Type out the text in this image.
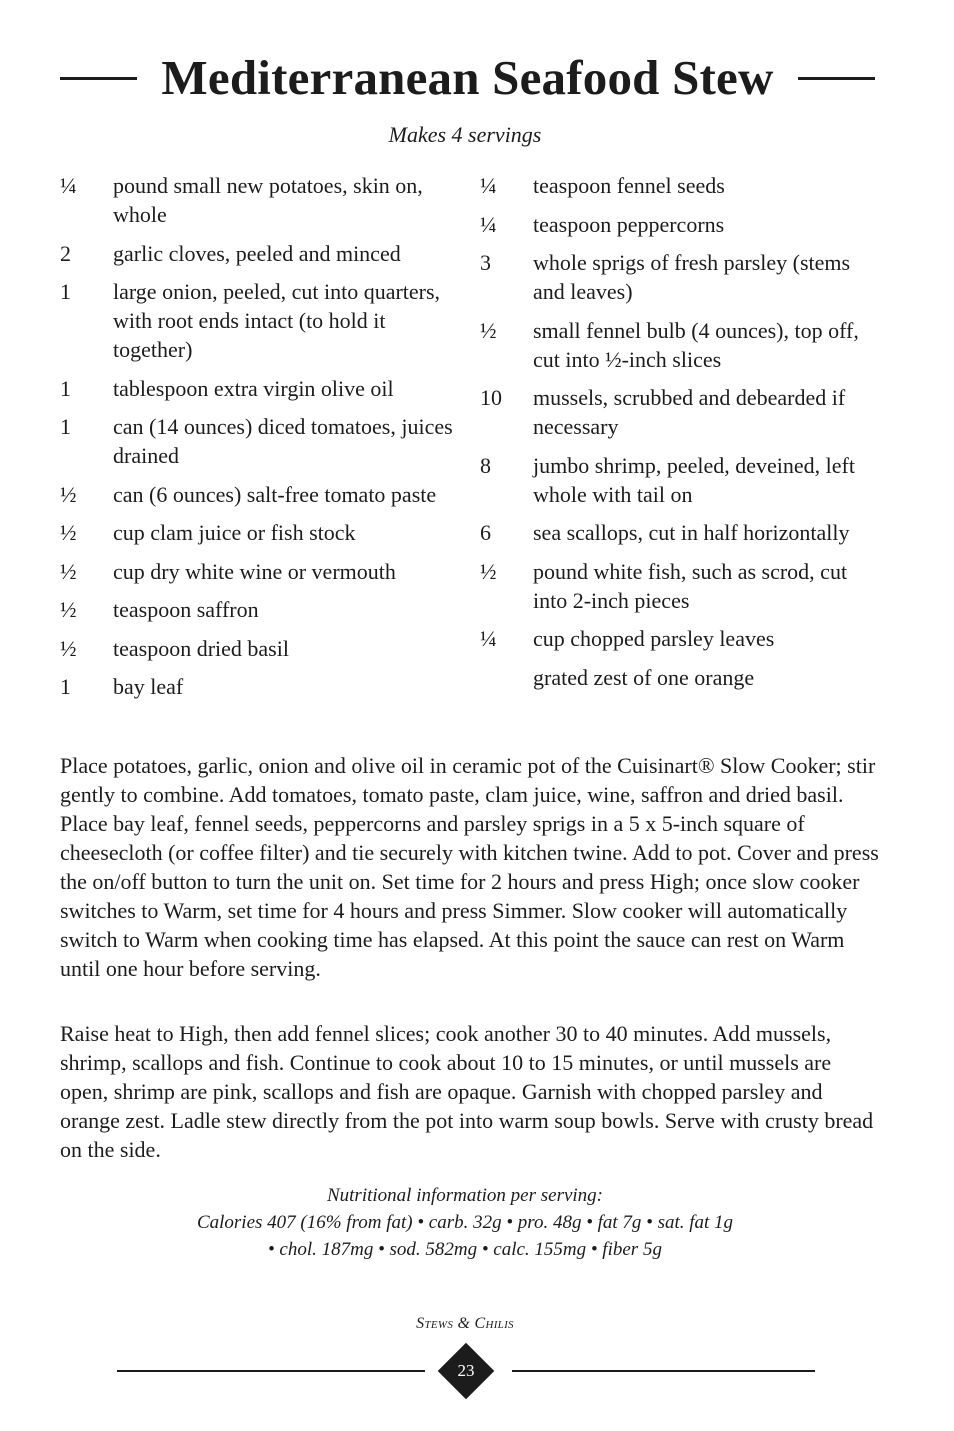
Mediterranean Seafood Stew
Makes 4 servings
¼	pound small new potatoes, skin on, whole
2	garlic cloves, peeled and minced
1	large onion, peeled, cut into quarters, with root ends intact (to hold it together)
1	tablespoon extra virgin olive oil
1	can (14 ounces) diced tomatoes, juices drained
½	can (6 ounces) salt-free tomato paste
½	cup clam juice or fish stock
½	cup dry white wine or vermouth
½	teaspoon saffron
½	teaspoon dried basil
1	bay leaf
¼	teaspoon fennel seeds
¼	teaspoon peppercorns
3	whole sprigs of fresh parsley (stems and leaves)
½	small fennel bulb (4 ounces), top off, cut into ½-inch slices
10	mussels, scrubbed and debearded if necessary
8	jumbo shrimp, peeled, deveined, left whole with tail on
6	sea scallops, cut in half horizontally
½	pound white fish, such as scrod, cut into 2-inch pieces
¼	cup chopped parsley leaves
grated zest of one orange

Place potatoes, garlic, onion and olive oil in ceramic pot of the Cuisinart® Slow Cooker; stir gently to combine. Add tomatoes, tomato paste, clam juice, wine, saffron and dried basil. Place bay leaf, fennel seeds, peppercorns and parsley sprigs in a 5 x 5-inch square of cheesecloth (or coffee filter) and tie securely with kitchen twine. Add to pot. Cover and press the on/off button to turn the unit on. Set time for 2 hours and press High; once slow cooker switches to Warm, set time for 4 hours and press Simmer. Slow cooker will automatically switch to Warm when cooking time has elapsed. At this point the sauce can rest on Warm until one hour before serving.

Raise heat to High, then add fennel slices; cook another 30 to 40 minutes. Add mussels, shrimp, scallops and fish. Continue to cook about 10 to 15 minutes, or until mussels are open, shrimp are pink, scallops and fish are opaque. Garnish with chopped parsley and orange zest. Ladle stew directly from the pot into warm soup bowls. Serve with crusty bread on the side.

Nutritional information per serving:
Calories 407 (16% from fat) • carb. 32g • pro. 48g • fat 7g • sat. fat 1g
• chol. 187mg • sod. 582mg • calc. 155mg • fiber 5g
Stews & Chilis
23
